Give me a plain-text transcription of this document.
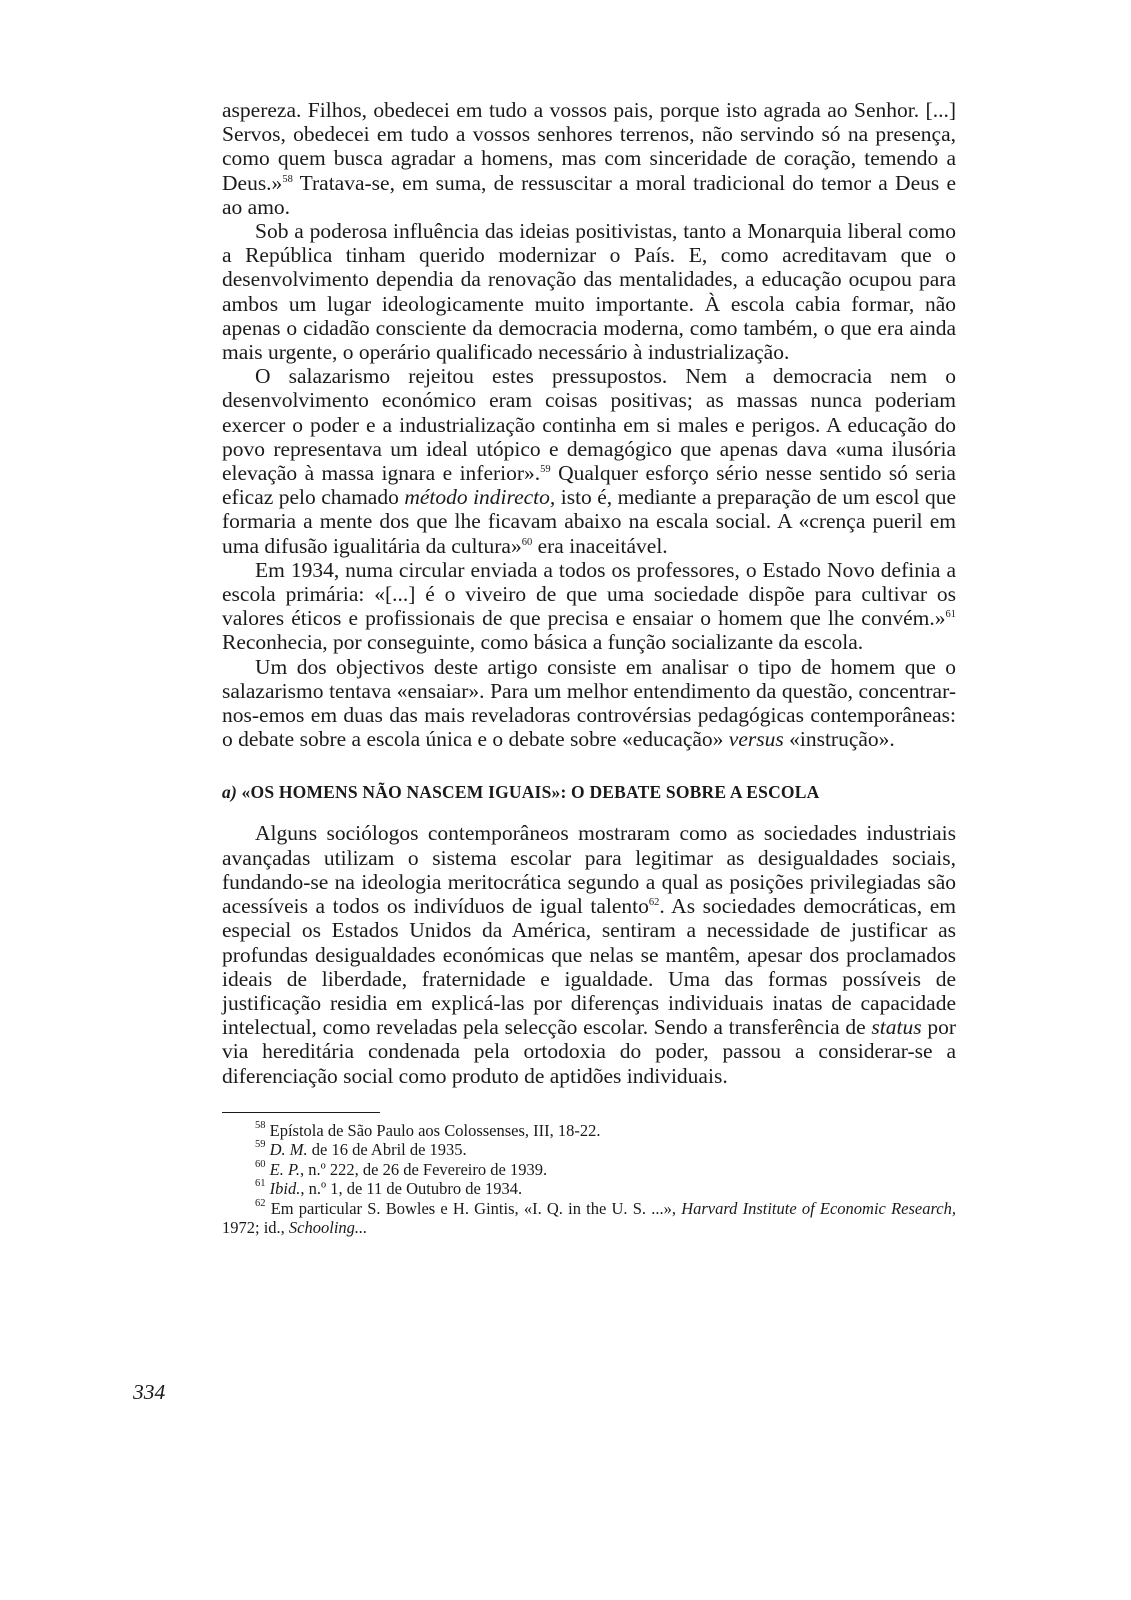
aspereza. Filhos, obedecei em tudo a vossos pais, porque isto agrada ao Senhor. [...] Servos, obedecei em tudo a vossos senhores terrenos, não servindo só na presença, como quem busca agradar a homens, mas com sinceridade de coração, temendo a Deus.»$^{58}$ Tratava-se, em suma, de ressuscitar a moral tradicional do temor a Deus e ao amo.

Sob a poderosa influência das ideias positivistas, tanto a Monarquia liberal como a República tinham querido modernizar o País. E, como acreditavam que o desenvolvimento dependia da renovação das mentalidades, a educação ocupou para ambos um lugar ideologicamente muito importante. À escola cabia formar, não apenas o cidadão consciente da democracia moderna, como também, o que era ainda mais urgente, o operário qualificado necessário à industrialização.

O salazarismo rejeitou estes pressupostos. Nem a democracia nem o desenvolvimento económico eram coisas positivas; as massas nunca poderiam exercer o poder e a industrialização continha em si males e perigos. A educação do povo representava um ideal utópico e demagógico que apenas dava «uma ilusória elevação à massa ignara e inferior».$^{59}$ Qualquer esforço sério nesse sentido só seria eficaz pelo chamado método indirecto, isto é, mediante a preparação de um escol que formaria a mente dos que lhe ficavam abaixo na escala social. A «crença pueril em uma difusão igualitária da cultura»$^{60}$ era inaceitável.

Em 1934, numa circular enviada a todos os professores, o Estado Novo definia a escola primária: «[...] é o viveiro de que uma sociedade dispõe para cultivar os valores éticos e profissionais de que precisa e ensaiar o homem que lhe convém.»$^{61}$ Reconhecia, por conseguinte, como básica a função socializante da escola.

Um dos objectivos deste artigo consiste em analisar o tipo de homem que o salazarismo tentava «ensaiar». Para um melhor entendimento da questão, concentrar-nos-emos em duas das mais reveladoras controvérsias pedagógicas contemporâneas: o debate sobre a escola única e o debate sobre «educação» versus «instrução».

a) «OS HOMENS NÃO NASCEM IGUAIS»: O DEBATE SOBRE A ESCOLA

Alguns sociólogos contemporâneos mostraram como as sociedades industriais avançadas utilizam o sistema escolar para legitimar as desigualdades sociais, fundando-se na ideologia meritocrática segundo a qual as posições privilegiadas são acessíveis a todos os indivíduos de igual talento$^{62}$. As sociedades democráticas, em especial os Estados Unidos da América, sentiram a necessidade de justificar as profundas desigualdades económicas que nelas se mantêm, apesar dos proclamados ideais de liberdade, fraternidade e igualdade. Uma das formas possíveis de justificação residia em explicá-las por diferenças individuais inatas de capacidade intelectual, como reveladas pela selecção escolar. Sendo a transferência de status por via hereditária condenada pela ortodoxia do poder, passou a considerar-se a diferenciação social como produto de aptidões individuais.

$^{58}$ Epístola de São Paulo aos Colossenses, III, 18-22.

$^{59}$ D. M. de 16 de Abril de 1935.

$^{60}$ E. P., n.º 222, de 26 de Fevereiro de 1939.

$^{61}$ Ibid., n.º 1, de 11 de Outubro de 1934.

$^{62}$ Em particular S. Bowles e H. Gintis, «I. Q. in the U. S. ...», Harvard Institute of Economic Research, 1972; id., Schooling...

334
